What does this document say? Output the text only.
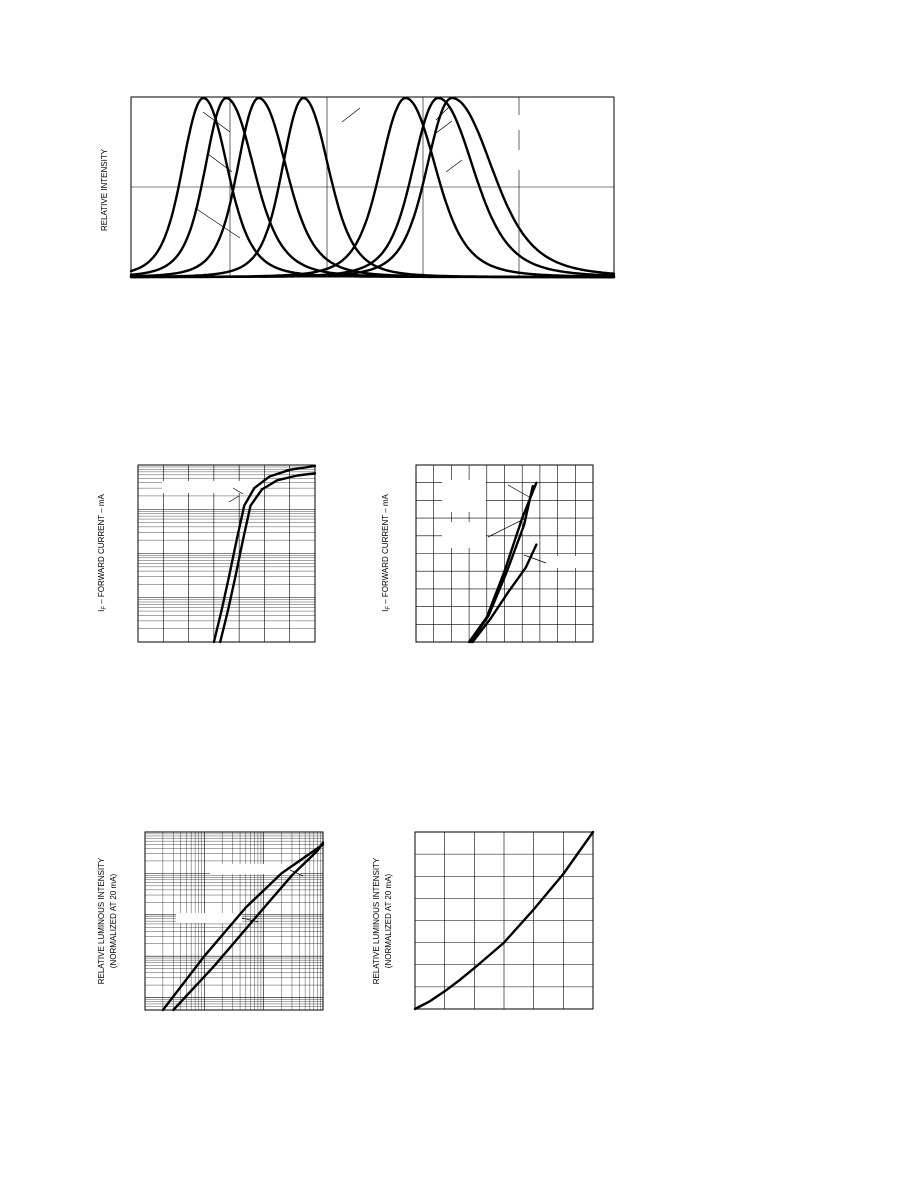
RELATIVE INTENSITY
$I_F$ – FORWARD CURRENT – mA
$I_F$ – FORWARD CURRENT – mA
RELATIVE LUMINOUS INTENSITY (NORMALIZED AT 20 mA)	RELATIVE LUMINOUS INTENSITY (NORMALIZED AT 20 mA)
